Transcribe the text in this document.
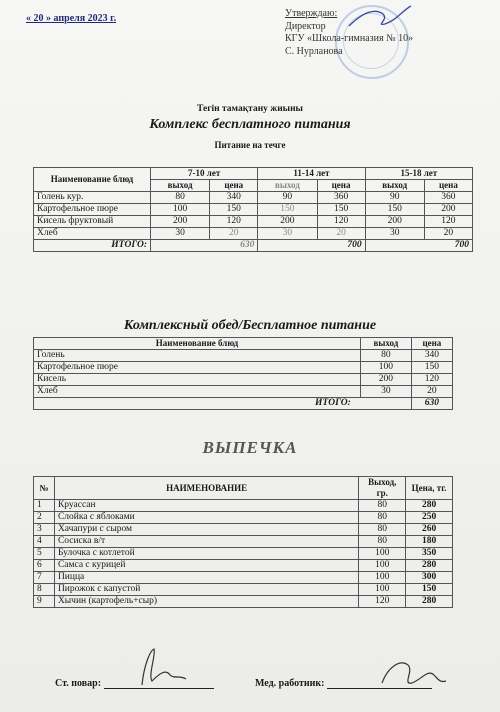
« 20 » апреля 2023 г.	Утверждаю:
Директор
КГУ «Школа-гимназия № 10»
С. Нурланова
Тегін тамақтану жиыны
Комплекс бесплатного питания
Питание на течге
Наименование блюд	7-10 лет		11-14 лет		15-18 лет	
	выход	цена	выход	цена	выход	цена
Голень кур.	80	340	90	360	90	360
Картофельное пюре	100	150	150	150	150	200
Кисель фруктовый	200	120	200	120	200	120
Хлеб	30	20	30	20	30	20
ИТОГО:	630		700		700	
Комплексный обед/Бесплатное питание
Наименование блюд	выход	цена
Голень	80	340
Картофельное пюре	100	150
Кисель	200	120
Хлеб	30	20
ИТОГО:		630
ВЫПЕЧКА
№	НАИМЕНОВАНИЕ	Выход, гр.	Цена, тг.
1	Круассан	80	280
2	Слойка с яблоками	80	250
3	Хачапури с сыром	80	260
4	Сосиска в/т	80	180
5	Булочка с котлетой	100	350
6	Самса с курицей	100	280
7	Пицца	100	300
8	Пирожок с капустой	100	150
9	Хычин (картофель+сыр)	120	280
Ст. повар:	Мед. работник:
